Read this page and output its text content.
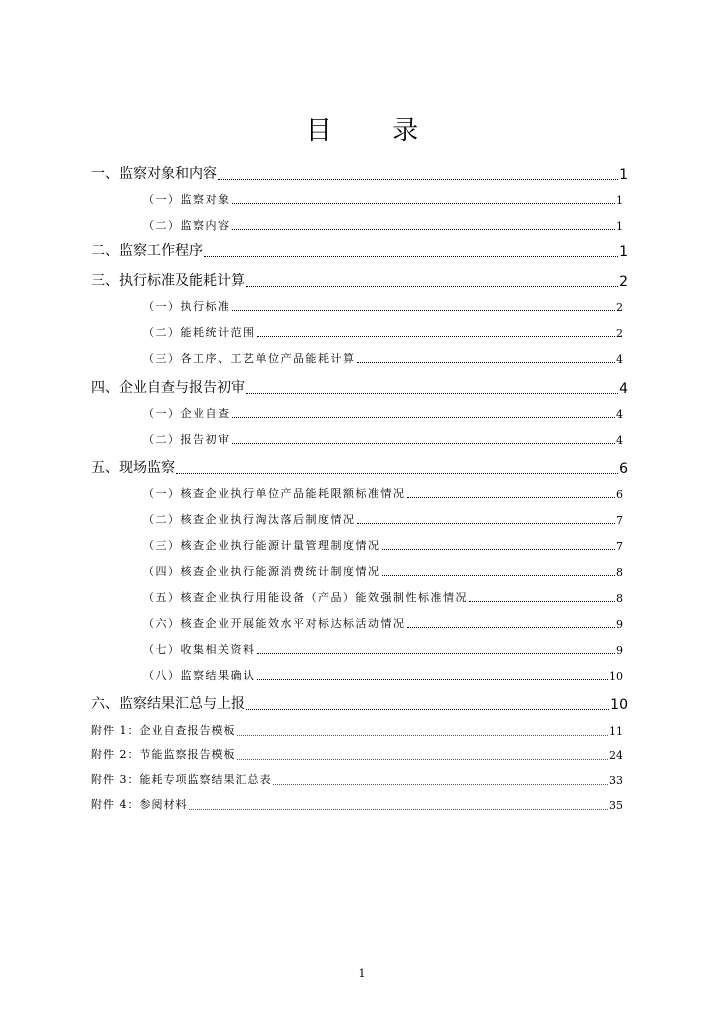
目 录
一、监察对象和内容	1
（一）监察对象	1
（二）监察内容	1
二、监察工作程序	1
三、执行标准及能耗计算	2
（一）执行标准	2
（二）能耗统计范围	2
（三）各工序、工艺单位产品能耗计算	4
四、企业自查与报告初审	4
（一）企业自查	4
（二）报告初审	4
五、现场监察	6
（一）核查企业执行单位产品能耗限额标准情况	6
（二）核查企业执行淘汰落后制度情况	7
（三）核查企业执行能源计量管理制度情况	7
（四）核查企业执行能源消费统计制度情况	8
（五）核查企业执行用能设备（产品）能效强制性标准情况	8
（六）核查企业开展能效水平对标达标活动情况	9
（七）收集相关资料	9
（八）监察结果确认	10
六、监察结果汇总与上报	10
附件 1：企业自查报告模板	11
附件 2：节能监察报告模板	24
附件 3：能耗专项监察结果汇总表	33
附件 4：参阅材料	35
1
